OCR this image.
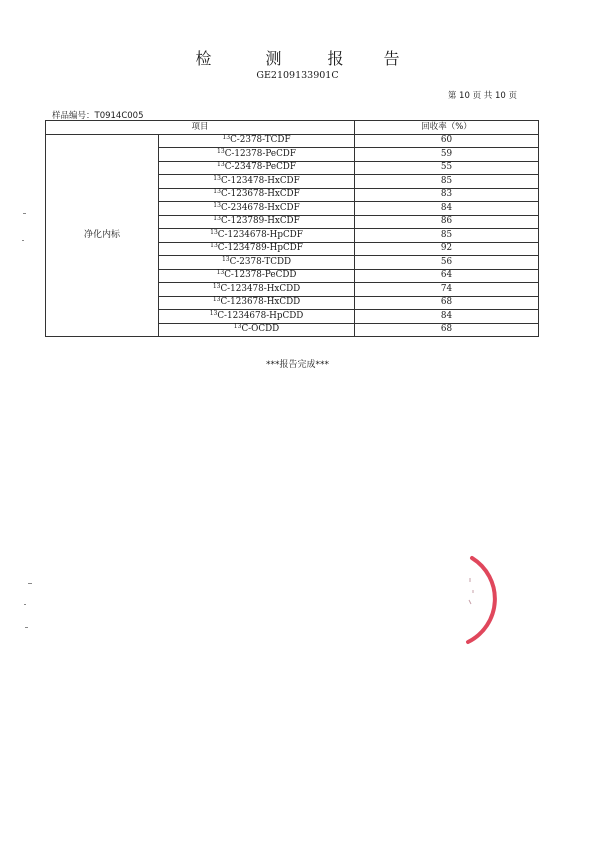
检	测	报	告
GE2109133901C
第 10 页 共 10 页
样品编号：T0914C005
项目		回收率（%）
净化内标	$^{13}$C-2378-TCDF	60
	$^{13}$C-12378-PeCDF	59
	$^{13}$C-23478-PeCDF	55
	$^{13}$C-123478-HxCDF	85
	$^{13}$C-123678-HxCDF	83
	$^{13}$C-234678-HxCDF	84
	$^{13}$C-123789-HxCDF	86
	$^{13}$C-1234678-HpCDF	85
	$^{13}$C-1234789-HpCDF	92
	$^{13}$C-2378-TCDD	56
	$^{13}$C-12378-PeCDD	64
	$^{13}$C-123478-HxCDD	74
	$^{13}$C-123678-HxCDD	68
	$^{13}$C-1234678-HpCDD	84
	$^{13}$C-OCDD	68
***报告完成***
